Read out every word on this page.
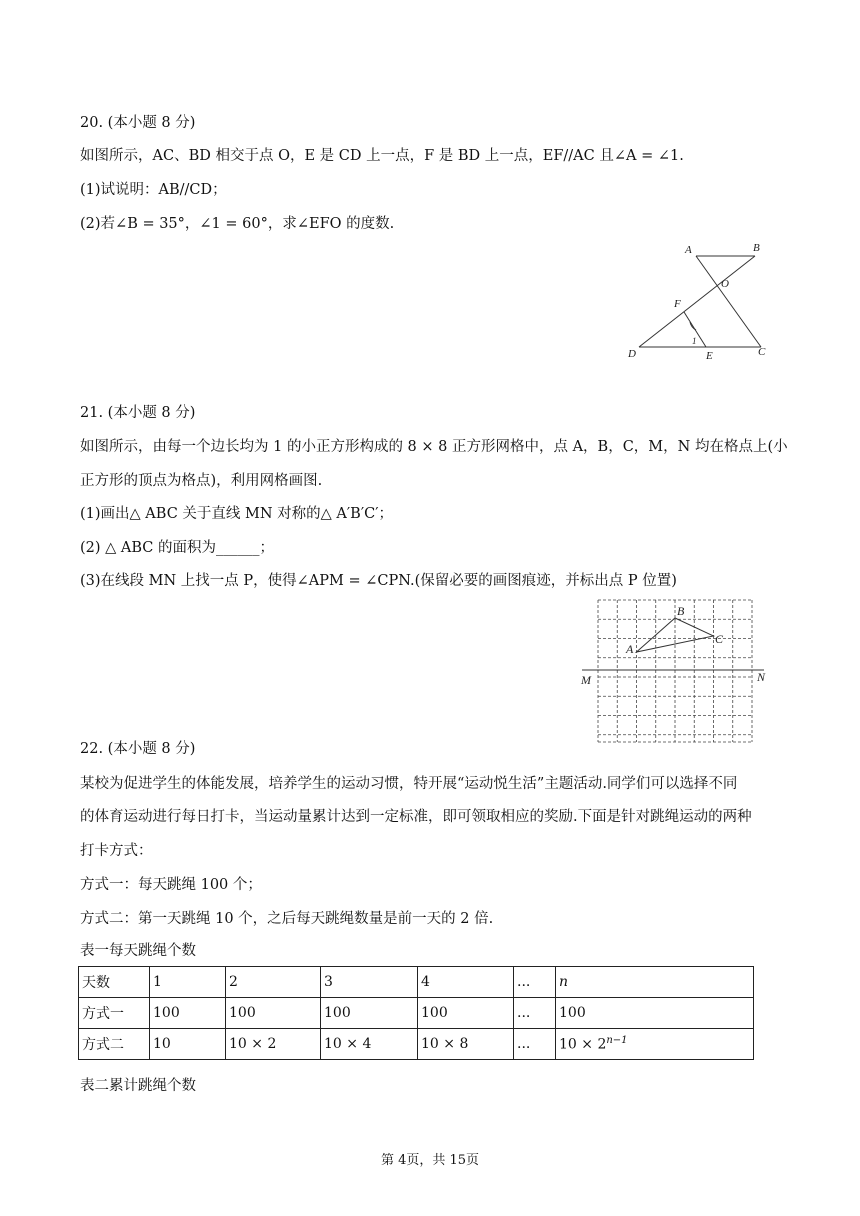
20. (本小题 8 分)
如图所示，AC、BD 相交于点 O，E 是 CD 上一点，F 是 BD 上一点，EF//AC 且∠A = ∠1.
(1)试说明：AB//CD；
(2)若∠B = 35°，∠1 = 60°，求∠EFO 的度数.
A	B
O
F
D	E	C
1
21. (本小题 8 分)
如图所示，由每一个边长均为 1 的小正方形构成的 8 × 8 正方形网格中，点 A，B，C，M，N 均在格点上(小
正方形的顶点为格点)，利用网格画图.
(1)画出△ ABC 关于直线 MN 对称的△ A′B′C′；
(2) △ ABC 的面积为______；
(3)在线段 MN 上找一点 P，使得∠APM = ∠CPN.(保留必要的画图痕迹，并标出点 P 位置)
A
B
C
M	N
22. (本小题 8 分)
某校为促进学生的体能发展，培养学生的运动习惯，特开展“运动悦生活”主题活动.同学们可以选择不同
的体育运动进行每日打卡，当运动量累计达到一定标准，即可领取相应的奖励.下面是针对跳绳运动的两种
打卡方式：
方式一：每天跳绳 100 个；
方式二：第一天跳绳 10 个，之后每天跳绳数量是前一天的 2 倍.
表一每天跳绳个数
天数	1	2	3	4	...	n
方式一	100	100	100	100	...	100
方式二	10	10 × 2	10 × 4	10 × 8	...	$10 \times 2^{n-1}$
表二累计跳绳个数
第 4页，共 15页
